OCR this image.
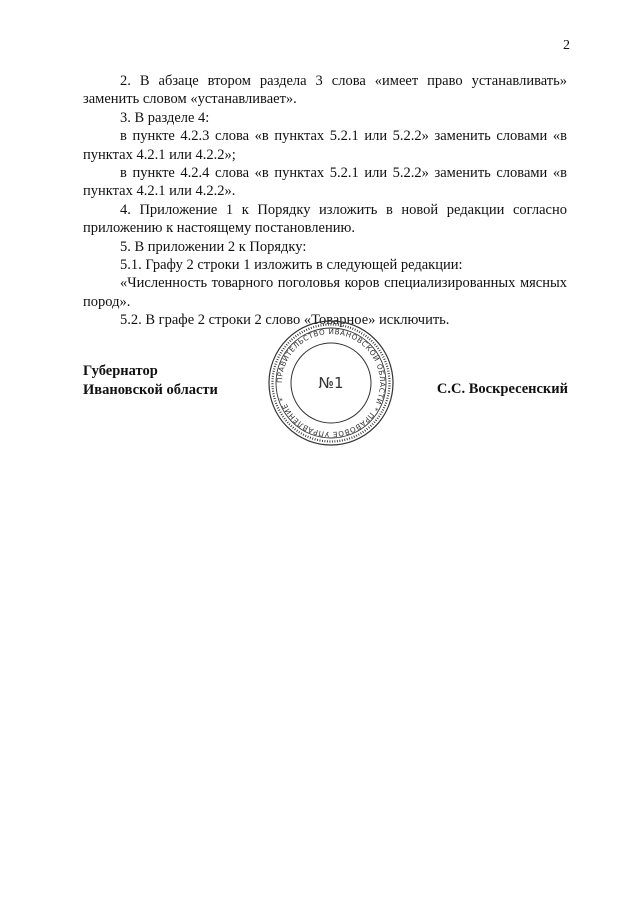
2

2. В абзаце втором раздела 3 слова «имеет право устанавливать» заменить словом «устанавливает».

3. В разделе 4:

в пункте 4.2.3 слова «в пунктах 5.2.1 или 5.2.2» заменить словами «в пунктах 4.2.1 или 4.2.2»;

в пункте 4.2.4 слова «в пунктах 5.2.1 или 5.2.2» заменить словами «в пунктах 4.2.1 или 4.2.2».

4. Приложение 1 к Порядку изложить в новой редакции согласно приложению к настоящему постановлению.

5. В приложении 2 к Порядку:

5.1. Графу 2 строки 1 изложить в следующей редакции:

«Численность товарного поголовья коров специализированных мясных пород».

5.2. В графе 2 строки 2 слово «Товарное» исключить.

Губернатор
Ивановской области	С.С. Воскресенский
ПРАВИТЕЛЬСТВО ИВАНОВСКОЙ ОБЛАСТИ * ПРАВОВОЕ УПРАВЛЕНИЕ *
№1
